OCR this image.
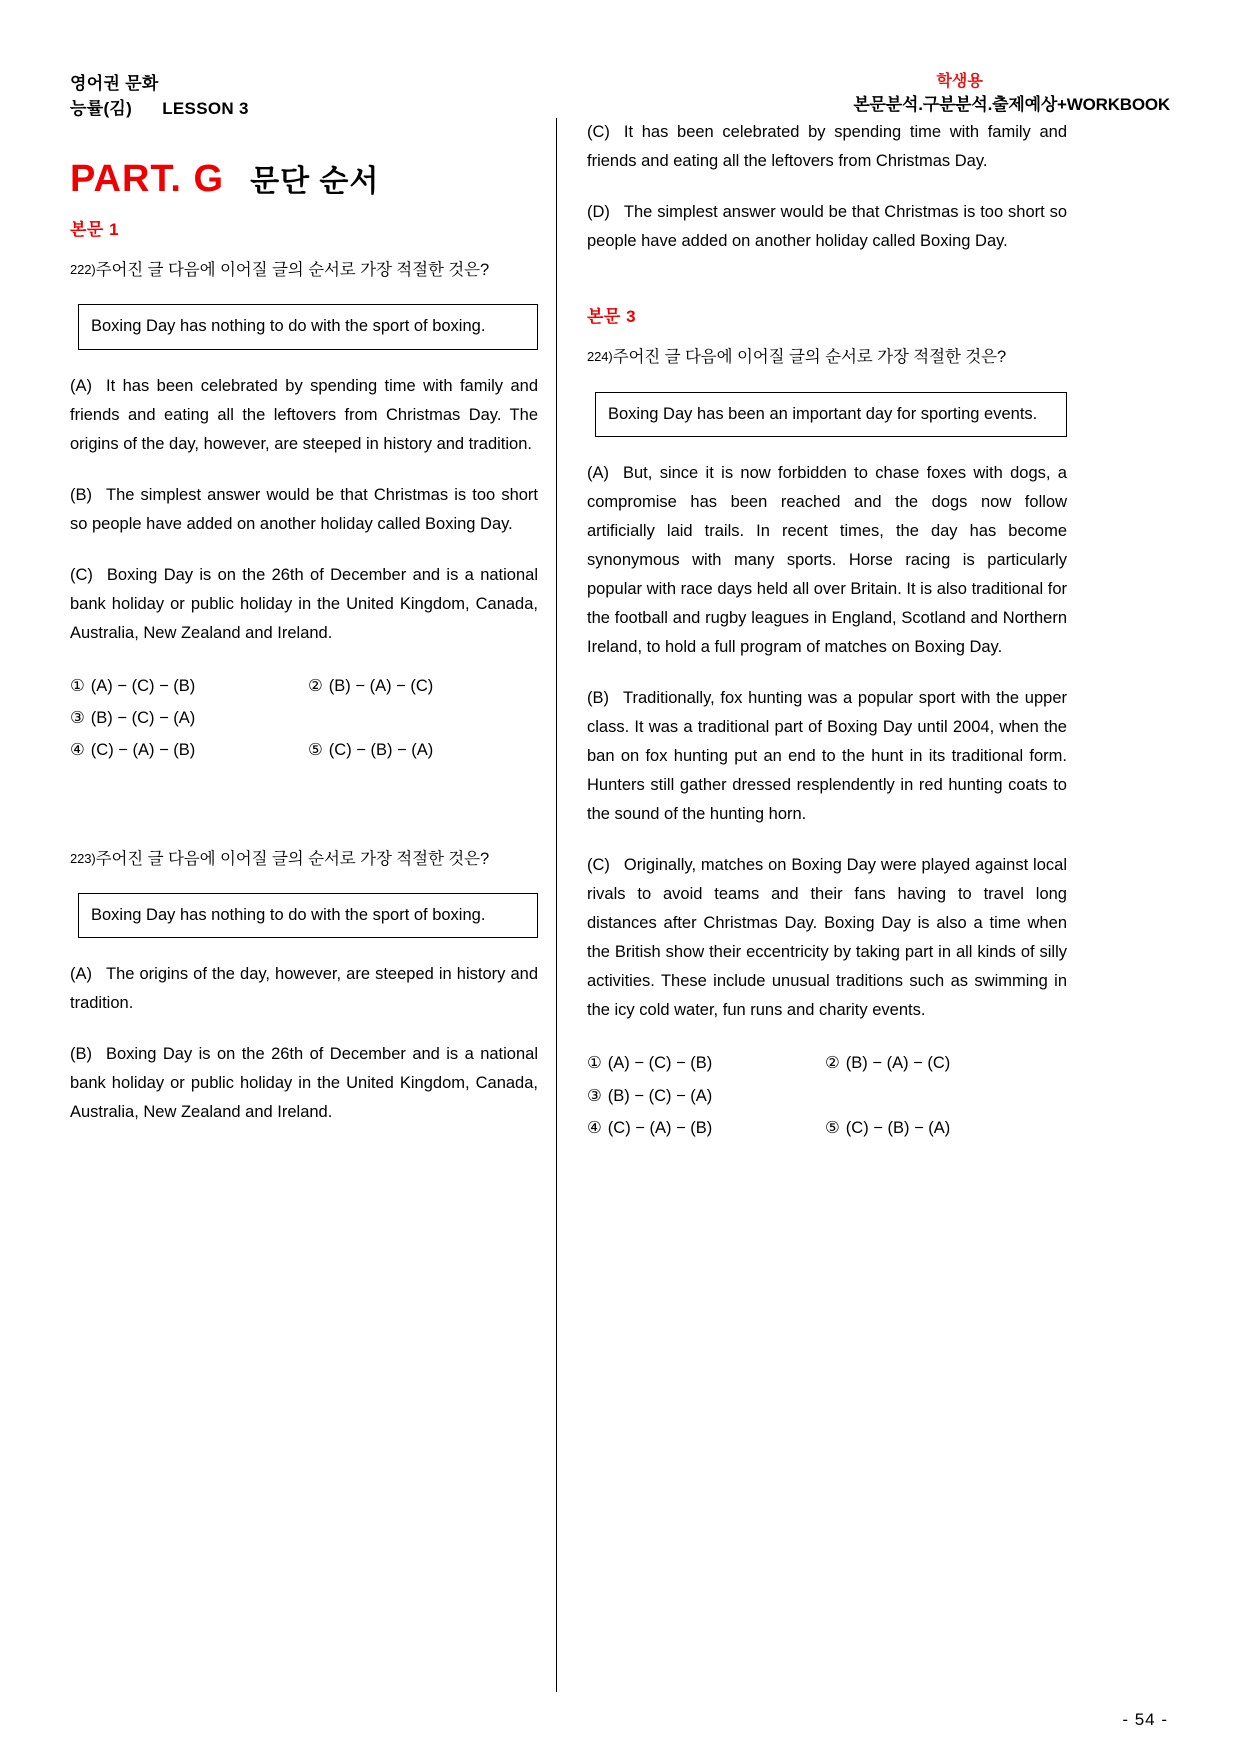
영어권 문화
능률(김)      LESSON 3
학생용
본문분석.구분분석.출제예상+WORKBOOK
PART. G 문단 순서
본문 1
222)주어진 글 다음에 이어질 글의 순서로 가장 적절한 것은?

Boxing Day has nothing to do with the sport of boxing.

(A) It has been celebrated by spending time with family and friends and eating all the leftovers from Christmas Day. The origins of the day, however, are steeped in history and tradition.
(B) The simplest answer would be that Christmas is too short so people have added on another holiday called Boxing Day.
(C) Boxing Day is on the 26th of December and is a national bank holiday or public holiday in the United Kingdom, Canada, Australia, New Zealand and Ireland.
① (A) − (C) − (B)	② (B) − (A) − (C)
③ (B) − (C) − (A)
④ (C) − (A) − (B)	⑤ (C) − (B) − (A)
223)주어진 글 다음에 이어질 글의 순서로 가장 적절한 것은?

Boxing Day has nothing to do with the sport of boxing.

(A) The origins of the day, however, are steeped in history and tradition.
(B) Boxing Day is on the 26th of December and is a national bank holiday or public holiday in the United Kingdom, Canada, Australia, New Zealand and Ireland.
(C) It has been celebrated by spending time with family and friends and eating all the leftovers from Christmas Day.
(D) The simplest answer would be that Christmas is too short so people have added on another holiday called Boxing Day.
본문 3
224)주어진 글 다음에 이어질 글의 순서로 가장 적절한 것은?

Boxing Day has been an important day for sporting events.

(A) But, since it is now forbidden to chase foxes with dogs, a compromise has been reached and the dogs now follow artificially laid trails. In recent times, the day has become synonymous with many sports. Horse racing is particularly popular with race days held all over Britain. It is also traditional for the football and rugby leagues in England, Scotland and Northern Ireland, to hold a full program of matches on Boxing Day.
(B) Traditionally, fox hunting was a popular sport with the upper class. It was a traditional part of Boxing Day until 2004, when the ban on fox hunting put an end to the hunt in its traditional form. Hunters still gather dressed resplendently in red hunting coats to the sound of the hunting horn.
(C) Originally, matches on Boxing Day were played against local rivals to avoid teams and their fans having to travel long distances after Christmas Day. Boxing Day is also a time when the British show their eccentricity by taking part in all kinds of silly activities. These include unusual traditions such as swimming in the icy cold water, fun runs and charity events.
① (A) − (C) − (B)	② (B) − (A) − (C)
③ (B) − (C) − (A)
④ (C) − (A) − (B)	⑤ (C) − (B) − (A)
- 54 -
